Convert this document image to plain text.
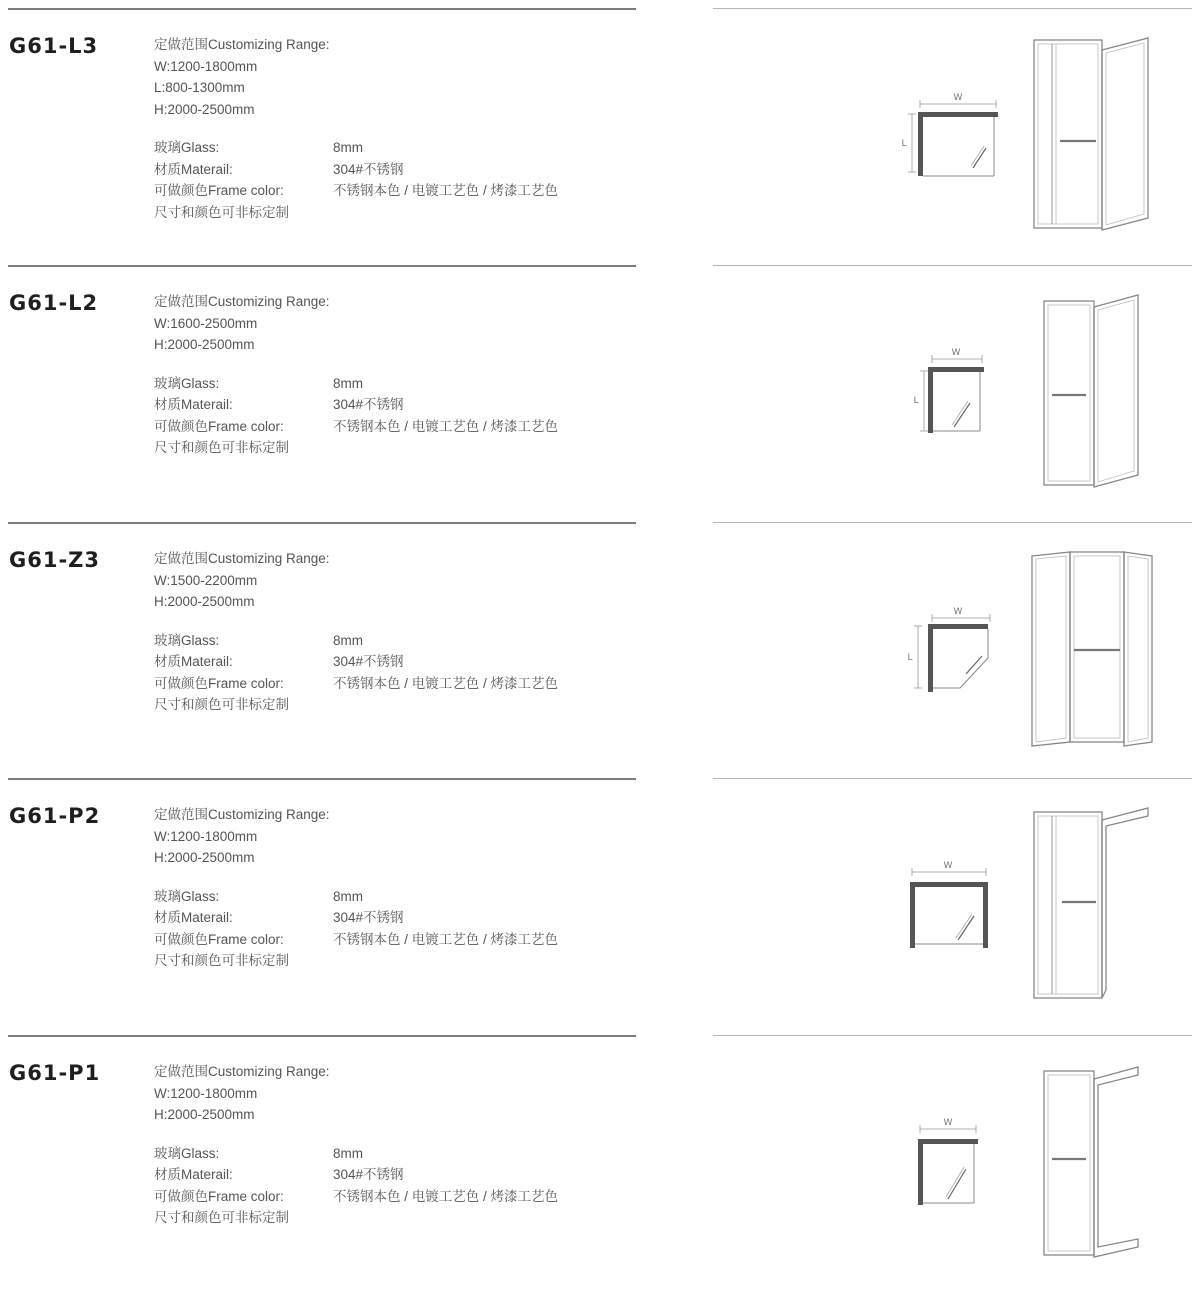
G61-L3	定做范围Customizing Range:
W:1200-1800mm
L:800-1300mm
H:2000-2500mm
玻璃Glass:	8mm
材质Materail:	304#不锈钢
可做颜色Frame color:	不锈钢本色 / 电镀工艺色 / 烤漆工艺色
尺寸和颜色可非标定制
W
L
G61-L2	定做范围Customizing Range:
W:1600-2500mm
H:2000-2500mm
玻璃Glass:	8mm
材质Materail:	304#不锈钢
可做颜色Frame color:	不锈钢本色 / 电镀工艺色 / 烤漆工艺色
尺寸和颜色可非标定制
W
L
G61-Z3	定做范围Customizing Range:
W:1500-2200mm
H:2000-2500mm
玻璃Glass:	8mm
材质Materail:	304#不锈钢
可做颜色Frame color:	不锈钢本色 / 电镀工艺色 / 烤漆工艺色
尺寸和颜色可非标定制
W
L
G61-P2	定做范围Customizing Range:
W:1200-1800mm
H:2000-2500mm
玻璃Glass:	8mm
材质Materail:	304#不锈钢
可做颜色Frame color:	不锈钢本色 / 电镀工艺色 / 烤漆工艺色
尺寸和颜色可非标定制
W
G61-P1	定做范围Customizing Range:
W:1200-1800mm
H:2000-2500mm
玻璃Glass:	8mm
材质Materail:	304#不锈钢
可做颜色Frame color:	不锈钢本色 / 电镀工艺色 / 烤漆工艺色
尺寸和颜色可非标定制
W
